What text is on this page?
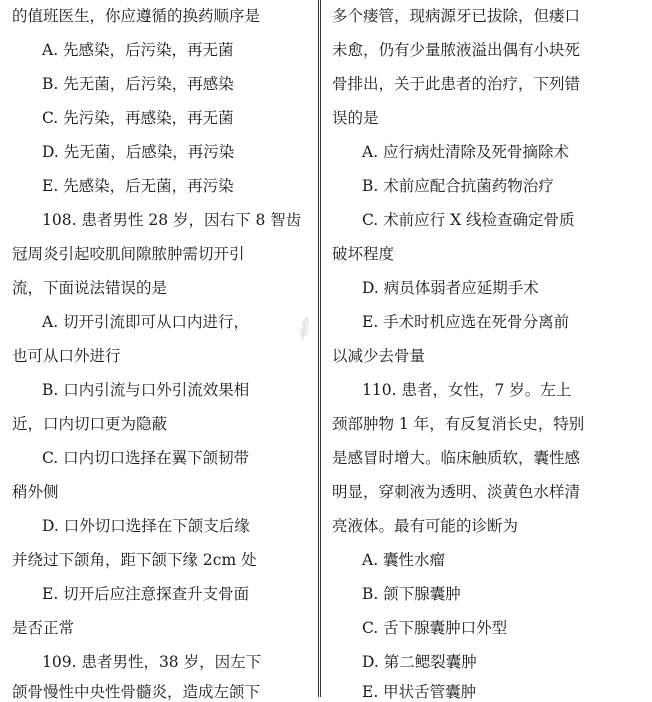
⸙
的值班医生，你应遵循的换药顺序是
A. 先感染，后污染，再无菌
B. 先无菌，后污染，再感染
C. 先污染，再感染，再无菌
D. 先无菌，后感染，再污染
E. 先感染，后无菌，再污染
108. 患者男性 28 岁，因右下 8 智齿
冠周炎引起咬肌间隙脓肿需切开引
流，下面说法错误的是
A. 切开引流即可从口内进行，
也可从口外进行
B. 口内引流与口外引流效果相
近，口内切口更为隐蔽
C. 口内切口选择在翼下颌韧带
稍外侧
D. 口外切口选择在下颌支后缘
并绕过下颌角，距下颌下缘 2cm 处
E. 切开后应注意探查升支骨面
是否正常
109. 患者男性，38 岁，因左下
颌骨慢性中央性骨髓炎，造成左颌下
多个瘘管，现病源牙已拔除，但瘘口
未愈，仍有少量脓液溢出偶有小块死
骨排出，关于此患者的治疗，下列错
误的是
A. 应行病灶清除及死骨摘除术
B. 术前应配合抗菌药物治疗
C. 术前应行 X 线检查确定骨质
破坏程度
D. 病员体弱者应延期手术
E. 手术时机应选在死骨分离前
以减少去骨量
110. 患者，女性，7 岁。左上
颈部肿物 1 年，有反复消长史，特别
是感冒时增大。临床触质软，囊性感
明显，穿刺液为透明、淡黄色水样清
亮液体。最有可能的诊断为
A. 囊性水瘤
B. 颌下腺囊肿
C. 舌下腺囊肿口外型
D. 第二鳃裂囊肿
E. 甲状舌管囊肿
